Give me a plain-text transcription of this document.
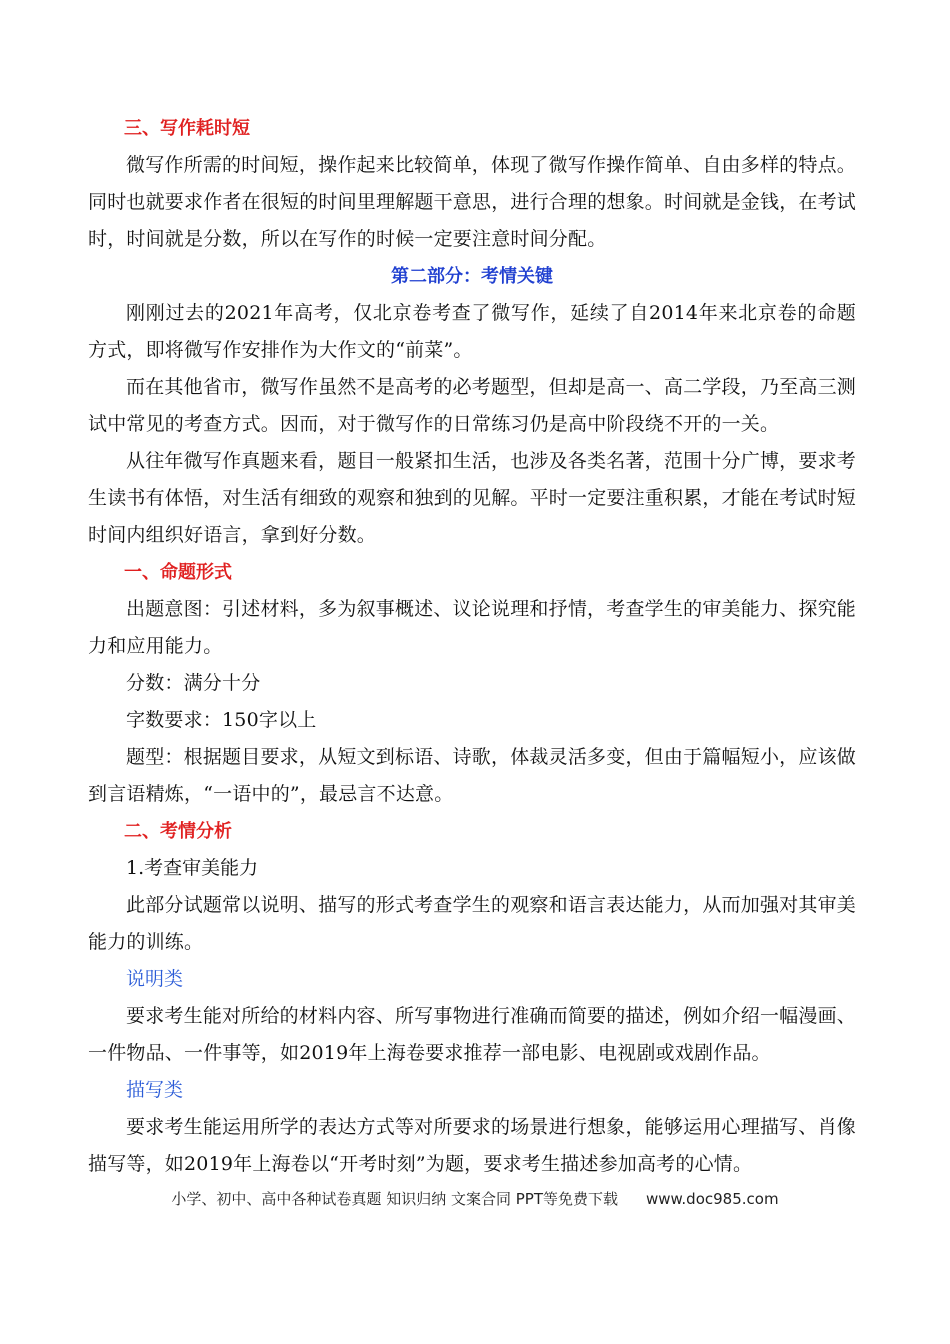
三、写作耗时短

微写作所需的时间短，操作起来比较简单，体现了微写作操作简单、自由多样的特点。同时也就要求作者在很短的时间里理解题干意思，进行合理的想象。时间就是金钱，在考试时，时间就是分数，所以在写作的时候一定要注意时间分配。

第二部分：考情关键

刚刚过去的2021年高考，仅北京卷考查了微写作，延续了自2014年来北京卷的命题方式，即将微写作安排作为大作文的“前菜”。

而在其他省市，微写作虽然不是高考的必考题型，但却是高一、高二学段，乃至高三测试中常见的考查方式。因而，对于微写作的日常练习仍是高中阶段绕不开的一关。

从往年微写作真题来看，题目一般紧扣生活，也涉及各类名著，范围十分广博，要求考生读书有体悟，对生活有细致的观察和独到的见解。平时一定要注重积累，才能在考试时短时间内组织好语言，拿到好分数。

一、命题形式

出题意图：引述材料，多为叙事概述、议论说理和抒情，考查学生的审美能力、探究能力和应用能力。

分数：满分十分

字数要求：150字以上

题型：根据题目要求，从短文到标语、诗歌，体裁灵活多变，但由于篇幅短小，应该做到言语精炼，“一语中的”，最忌言不达意。

二、考情分析

1.考查审美能力

此部分试题常以说明、描写的形式考查学生的观察和语言表达能力，从而加强对其审美能力的训练。

说明类

要求考生能对所给的材料内容、所写事物进行准确而简要的描述，例如介绍一幅漫画、一件物品、一件事等，如2019年上海卷要求推荐一部电影、电视剧或戏剧作品。

描写类

要求考生能运用所学的表达方式等对所要求的场景进行想象，能够运用心理描写、肖像描写等，如2019年上海卷以“开考时刻”为题，要求考生描述参加高考的心情。

小学、初中、高中各种试卷真题 知识归纳 文案合同 PPT等免费下载 www.doc985.com
